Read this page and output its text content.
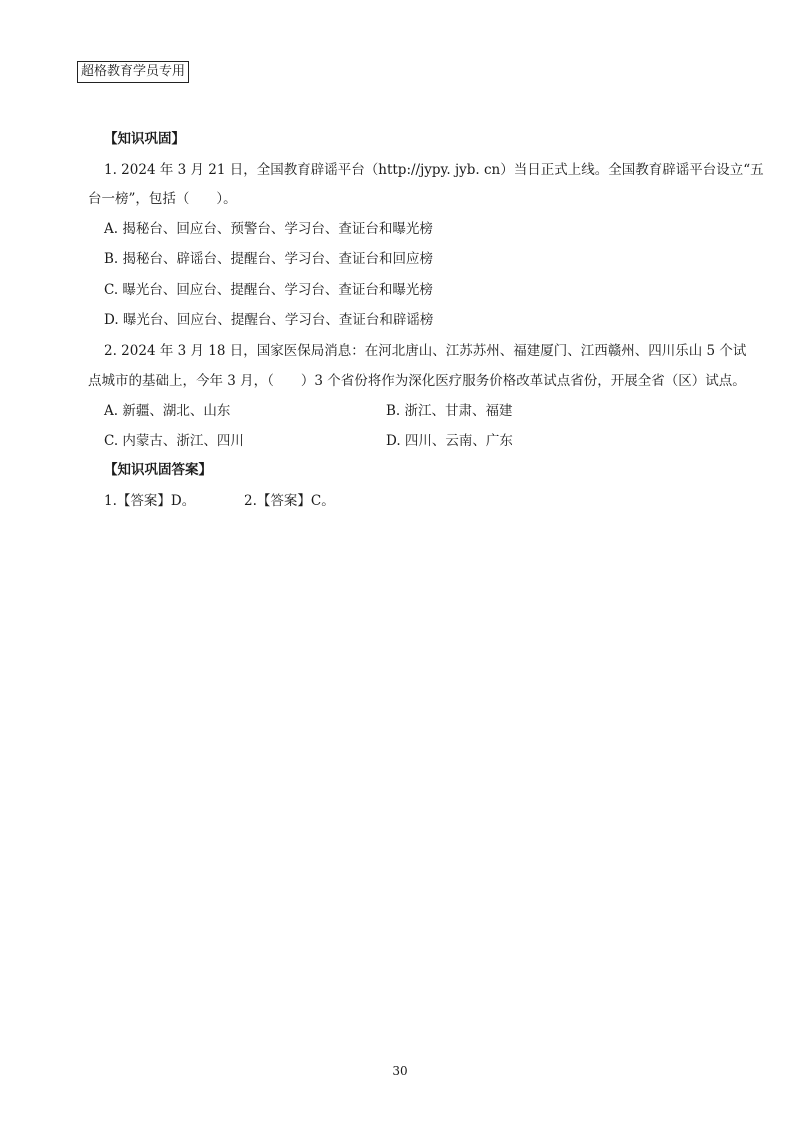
超格教育学员专用
【知识巩固】
1. 2024 年 3 月 21 日，全国教育辟谣平台（http://jypy. jyb. cn）当日正式上线。全国教育辟谣平台设立“五
台一榜”，包括（　　）。
A. 揭秘台、回应台、预警台、学习台、查证台和曝光榜
B. 揭秘台、辟谣台、提醒台、学习台、查证台和回应榜
C. 曝光台、回应台、提醒台、学习台、查证台和曝光榜
D. 曝光台、回应台、提醒台、学习台、查证台和辟谣榜
2. 2024 年 3 月 18 日，国家医保局消息：在河北唐山、江苏苏州、福建厦门、江西赣州、四川乐山 5 个试
点城市的基础上，今年 3 月，（　　）3 个省份将作为深化医疗服务价格改革试点省份，开展全省（区）试点。
A. 新疆、湖北、山东	B. 浙江、甘肃、福建
C. 内蒙古、浙江、四川	D. 四川、云南、广东
【知识巩固答案】
1.【答案】D。	2.【答案】C。
30
